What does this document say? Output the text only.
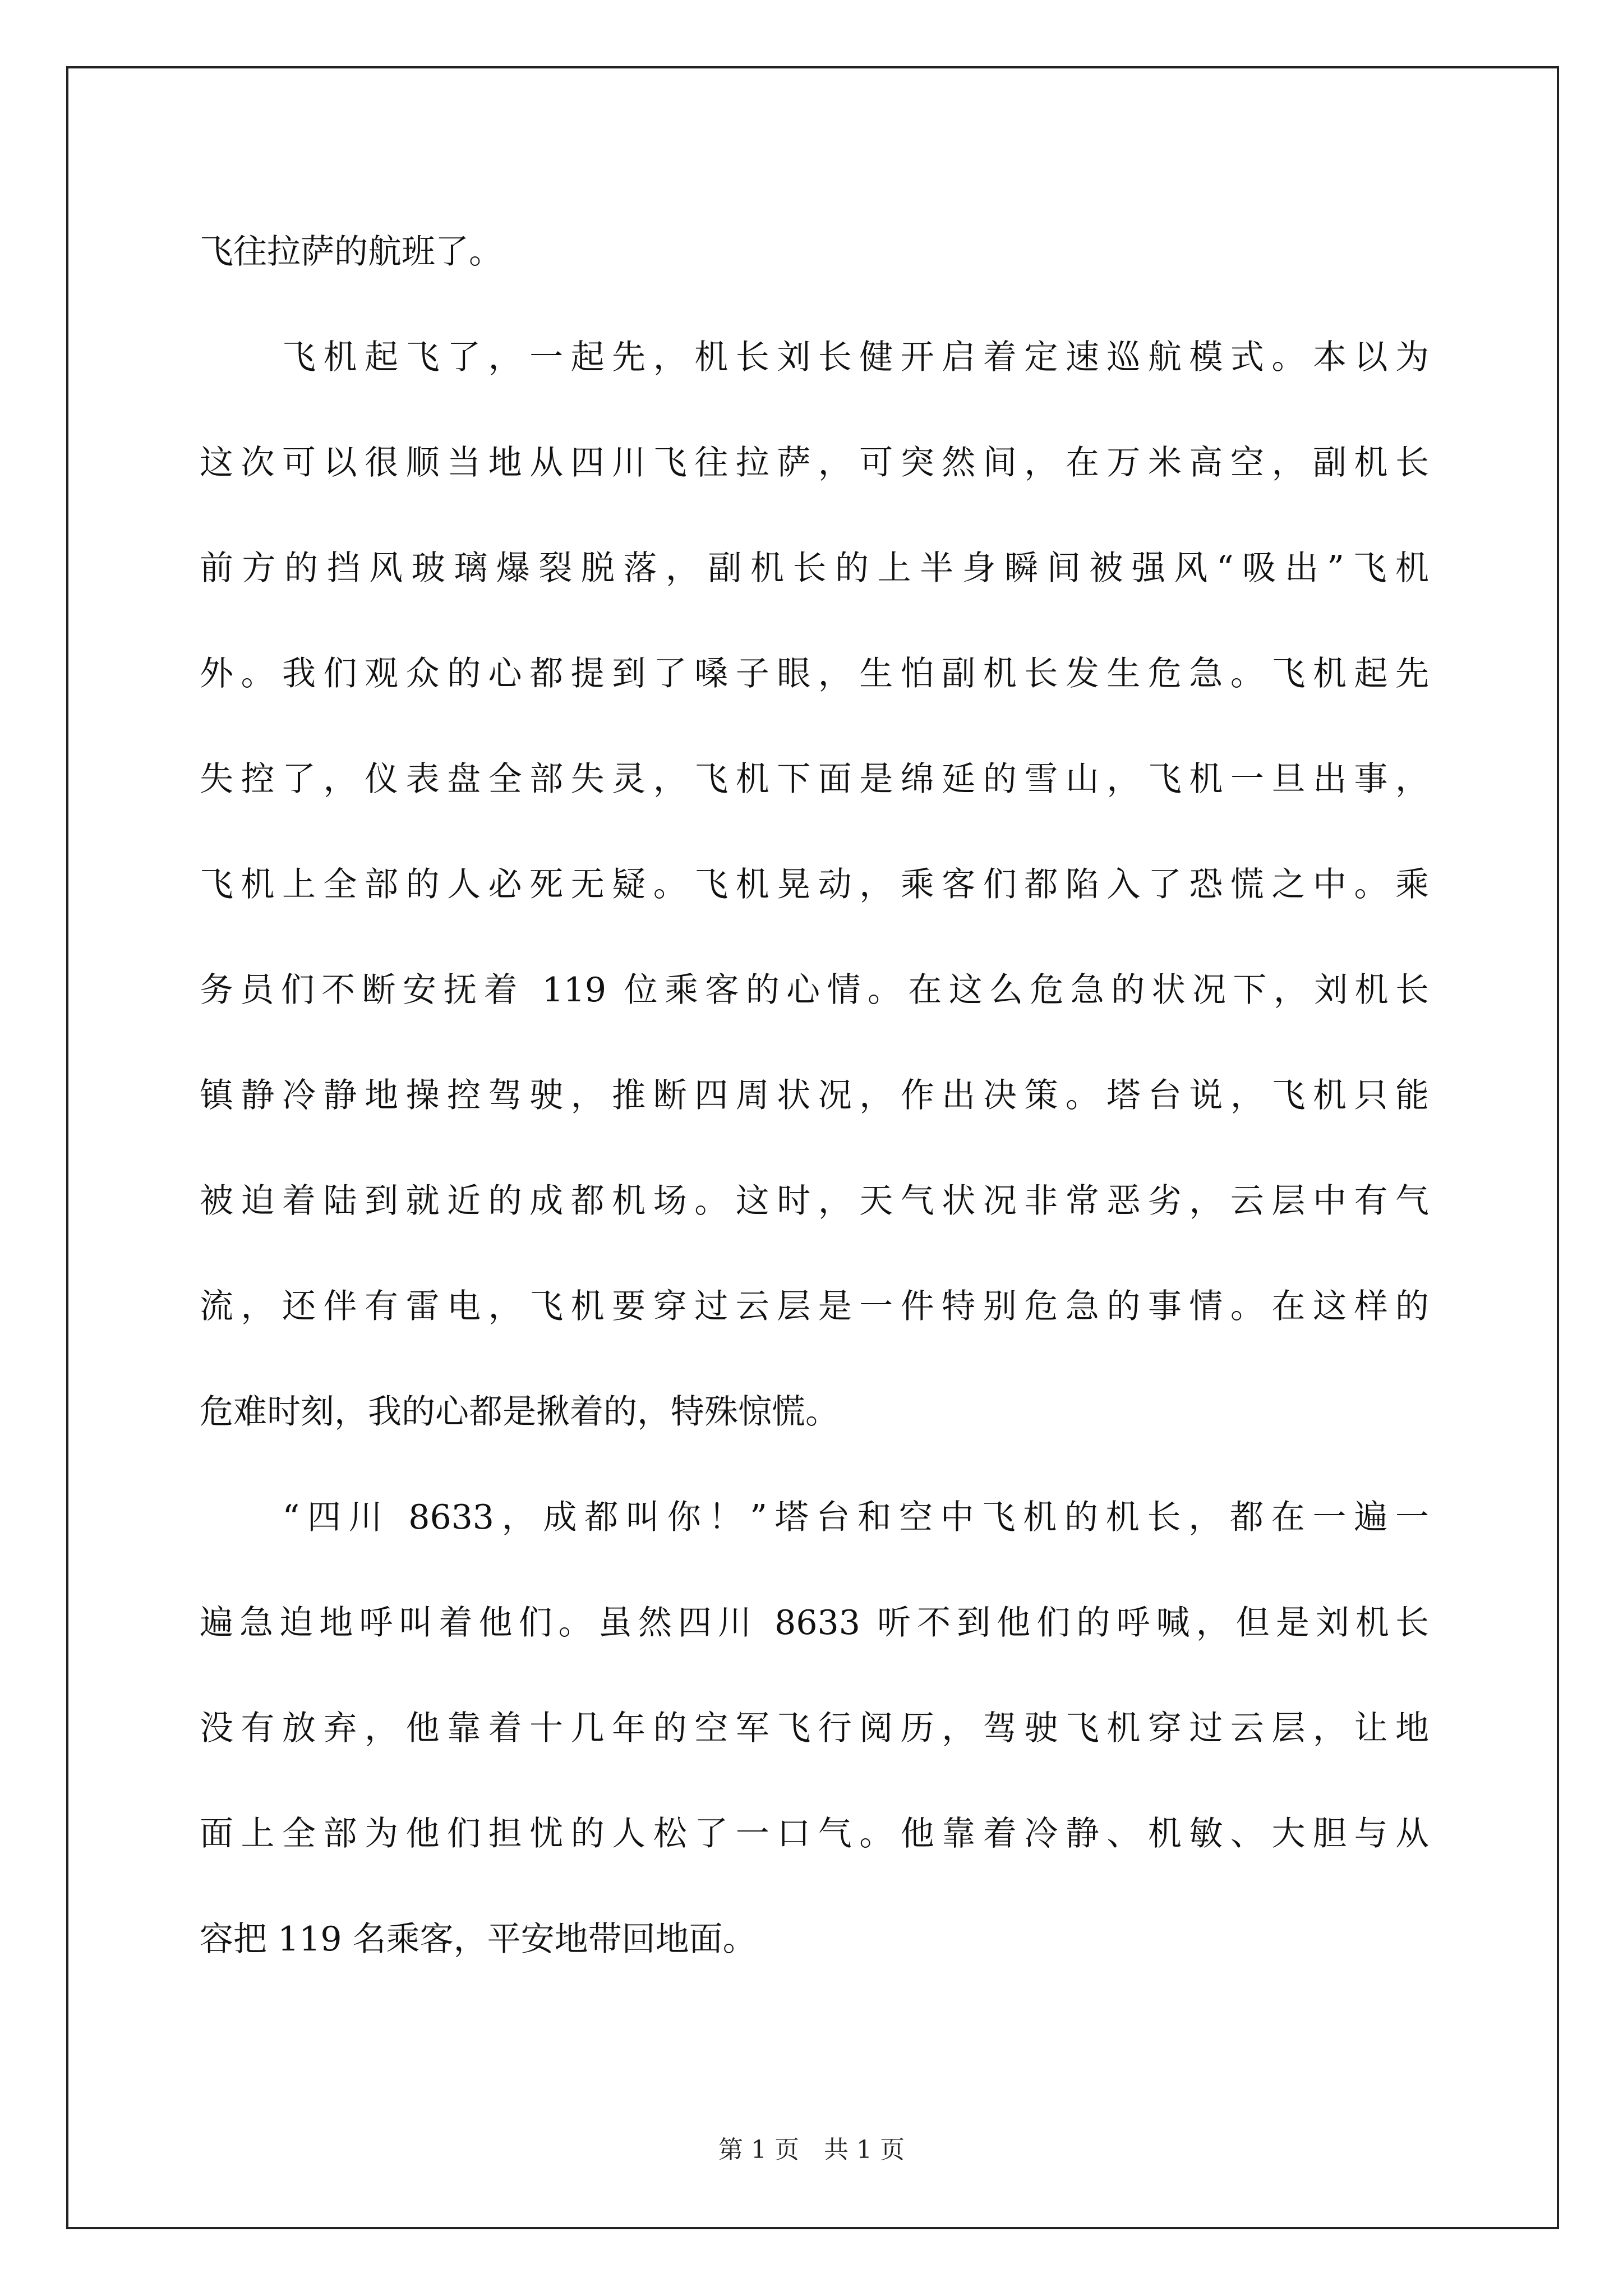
飞往拉萨的航班了。
　　飞机起飞了，一起先，机长刘长健开启着定速巡航模式。本以为
这次可以很顺当地从四川飞往拉萨，可突然间，在万米高空，副机长
前方的挡风玻璃爆裂脱落，副机长的上半身瞬间被强风“吸出”飞机
外。我们观众的心都提到了嗓子眼，生怕副机长发生危急。飞机起先
失控了，仪表盘全部失灵，飞机下面是绵延的雪山，飞机一旦出事，
飞机上全部的人必死无疑。飞机晃动，乘客们都陷入了恐慌之中。乘
务员们不断安抚着 119 位乘客的心情。在这么危急的状况下，刘机长
镇静冷静地操控驾驶，推断四周状况，作出决策。塔台说，飞机只能
被迫着陆到就近的成都机场。这时，天气状况非常恶劣，云层中有气
流，还伴有雷电，飞机要穿过云层是一件特别危急的事情。在这样的
危难时刻，我的心都是揪着的，特殊惊慌。
　　“四川 8633，成都叫你！”塔台和空中飞机的机长，都在一遍一
遍急迫地呼叫着他们。虽然四川 8633 听不到他们的呼喊，但是刘机长
没有放弃，他靠着十几年的空军飞行阅历，驾驶飞机穿过云层，让地
面上全部为他们担忧的人松了一口气。他靠着冷静、机敏、大胆与从
容把 119 名乘客，平安地带回地面。
第 1 页　共 1 页
